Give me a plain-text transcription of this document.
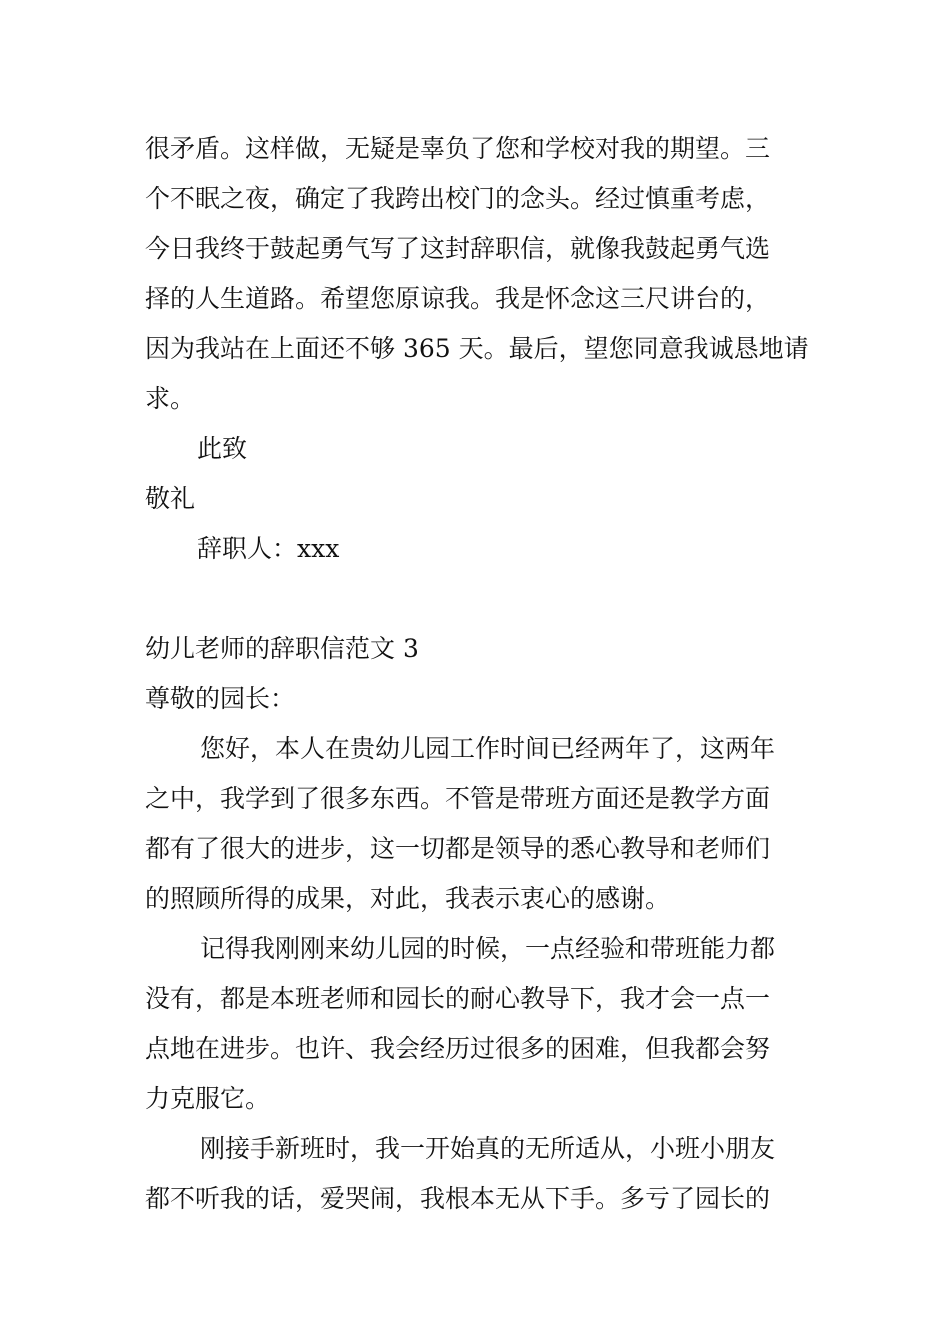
很矛盾。这样做，无疑是辜负了您和学校对我的期望。三
个不眠之夜，确定了我跨出校门的念头。经过慎重考虑，
今日我终于鼓起勇气写了这封辞职信，就像我鼓起勇气选
择的人生道路。希望您原谅我。我是怀念这三尺讲台的，
因为我站在上面还不够 365 天。最后，望您同意我诚恳地请
求。
此致
敬礼
辞职人：xxx
幼儿老师的辞职信范文 3
尊敬的园长：
您好，本人在贵幼儿园工作时间已经两年了，这两年
之中，我学到了很多东西。不管是带班方面还是教学方面
都有了很大的进步，这一切都是领导的悉心教导和老师们
的照顾所得的成果，对此，我表示衷心的感谢。
记得我刚刚来幼儿园的时候，一点经验和带班能力都
没有，都是本班老师和园长的耐心教导下，我才会一点一
点地在进步。也许、我会经历过很多的困难，但我都会努
力克服它。
刚接手新班时，我一开始真的无所适从，小班小朋友
都不听我的话，爱哭闹，我根本无从下手。多亏了园长的
